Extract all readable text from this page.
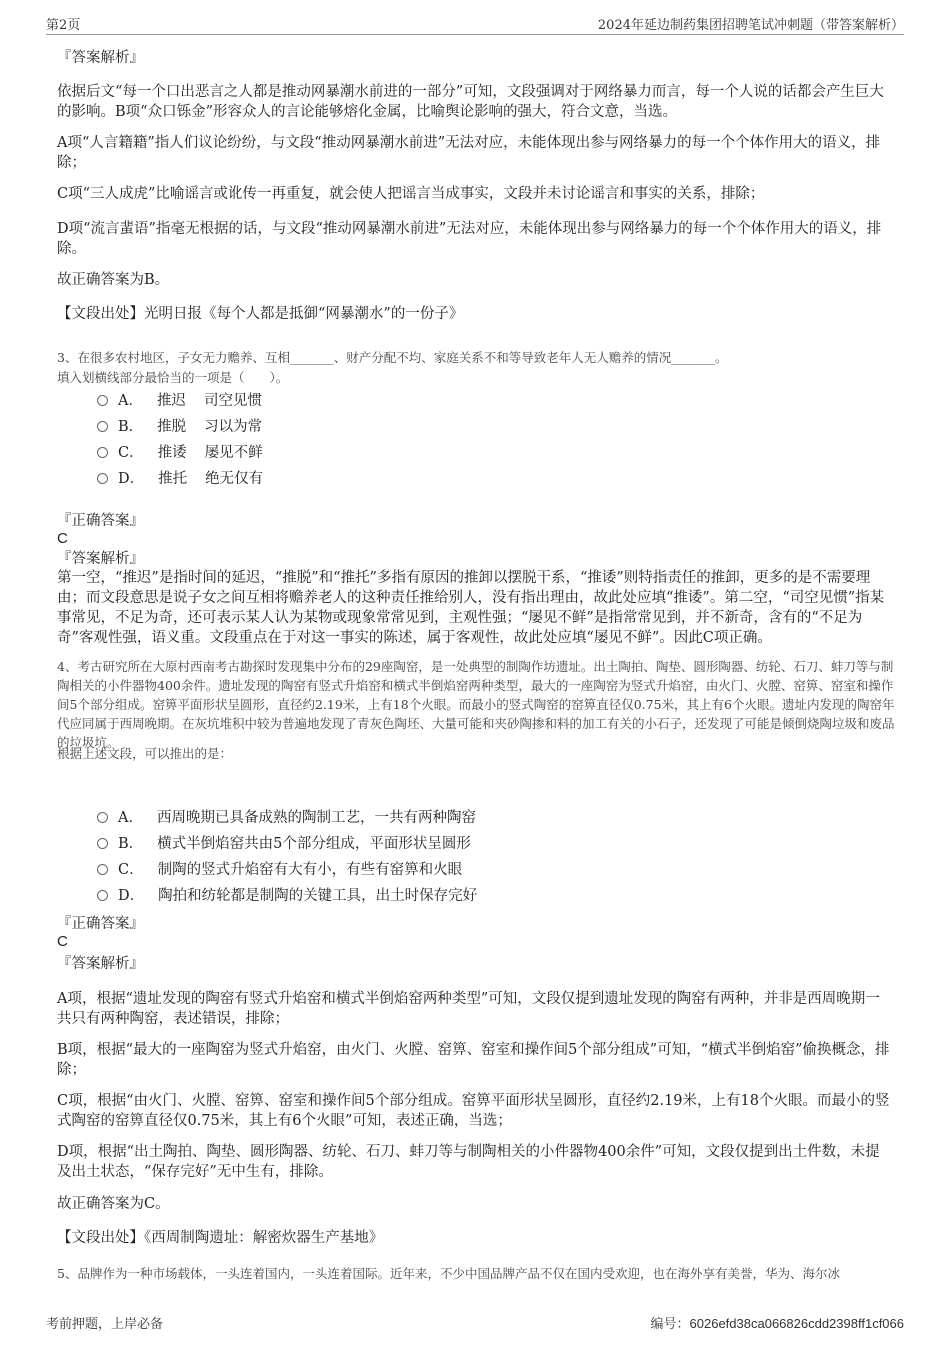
第2页	2024年延边制药集团招聘笔试冲刺题（带答案解析）
『答案解析』
依据后文“每一个口出恶言之人都是推动网暴潮水前进的一部分”可知，文段强调对于网络暴力而言，每一个人说的话都会产生巨大的影响。B项“众口铄金”形容众人的言论能够熔化金属，比喻舆论影响的强大，符合文意，当选。
A项“人言籍籍”指人们议论纷纷，与文段“推动网暴潮水前进”无法对应，未能体现出参与网络暴力的每一个个体作用大的语义，排除；
C项“三人成虎”比喻谣言或讹传一再重复，就会使人把谣言当成事实，文段并未讨论谣言和事实的关系，排除；
D项“流言蜚语”指毫无根据的话，与文段“推动网暴潮水前进”无法对应，未能体现出参与网络暴力的每一个个体作用大的语义，排除。
故正确答案为B。
【文段出处】光明日报《每个人都是抵御“网暴潮水”的一份子》
3、在很多农村地区，子女无力赡养、互相_______、财产分配不均、家庭关系不和等导致老年人无人赡养的情况_______。
填入划横线部分最恰当的一项是（　　）。
A． 推迟 司空见惯
B． 推脱 习以为常
C． 推诿 屡见不鲜
D． 推托 绝无仅有
『正确答案』
C
『答案解析』
第一空，“推迟”是指时间的延迟，“推脱”和“推托”多指有原因的推卸以摆脱干系，“推诿”则特指责任的推卸，更多的是不需要理由；而文段意思是说子女之间互相将赡养老人的这种责任推给别人，没有指出理由，故此处应填“推诿”。第二空，“司空见惯”指某事常见，不足为奇，还可表示某人认为某物或现象常常见到，主观性强；“屡见不鲜”是指常常见到，并不新奇，含有的“不足为奇”客观性强，语义重。文段重点在于对这一事实的陈述，属于客观性，故此处应填“屡见不鲜”。因此C项正确。
4、考古研究所在大原村西南考古勘探时发现集中分布的29座陶窑，是一处典型的制陶作坊遗址。出土陶拍、陶垫、圆形陶器、纺轮、石刀、蚌刀等与制陶相关的小件器物400余件。遗址发现的陶窑有竖式升焰窑和横式半倒焰窑两种类型，最大的一座陶窑为竖式升焰窑，由火门、火膛、窑箅、窑室和操作间5个部分组成。窑箅平面形状呈圆形，直径约2.19米，上有18个火眼。而最小的竖式陶窑的窑箅直径仅0.75米，其上有6个火眼。遗址内发现的陶窑年代应同属于西周晚期。在灰坑堆积中较为普遍地发现了青灰色陶坯、大量可能和夹砂陶掺和料的加工有关的小石子，还发现了可能是倾倒烧陶垃圾和废品的垃圾坑。
根据上述文段，可以推出的是：
A． 西周晚期已具备成熟的陶制工艺，一共有两种陶窑
B． 横式半倒焰窑共由5个部分组成，平面形状呈圆形
C． 制陶的竖式升焰窑有大有小，有些有窑箅和火眼
D． 陶拍和纺轮都是制陶的关键工具，出土时保存完好
『正确答案』
C
『答案解析』
A项，根据“遗址发现的陶窑有竖式升焰窑和横式半倒焰窑两种类型”可知，文段仅提到遗址发现的陶窑有两种，并非是西周晚期一共只有两种陶窑，表述错误，排除；
B项，根据“最大的一座陶窑为竖式升焰窑，由火门、火膛、窑箅、窑室和操作间5个部分组成”可知，“横式半倒焰窑”偷换概念，排除；
C项，根据“由火门、火膛、窑箅、窑室和操作间5个部分组成。窑箅平面形状呈圆形，直径约2.19米，上有18个火眼。而最小的竖式陶窑的窑箅直径仅0.75米，其上有6个火眼”可知，表述正确，当选；
D项，根据“出土陶拍、陶垫、圆形陶器、纺轮、石刀、蚌刀等与制陶相关的小件器物400余件”可知，文段仅提到出土件数，未提及出土状态，“保存完好”无中生有，排除。
故正确答案为C。
【文段出处】《西周制陶遗址：解密炊器生产基地》
5、品牌作为一种市场载体，一头连着国内，一头连着国际。近年来，不少中国品牌产品不仅在国内受欢迎，也在海外享有美誉，华为、海尔冰
考前押题，上岸必备	编号：6026efd38ca066826cdd2398ff1cf066
